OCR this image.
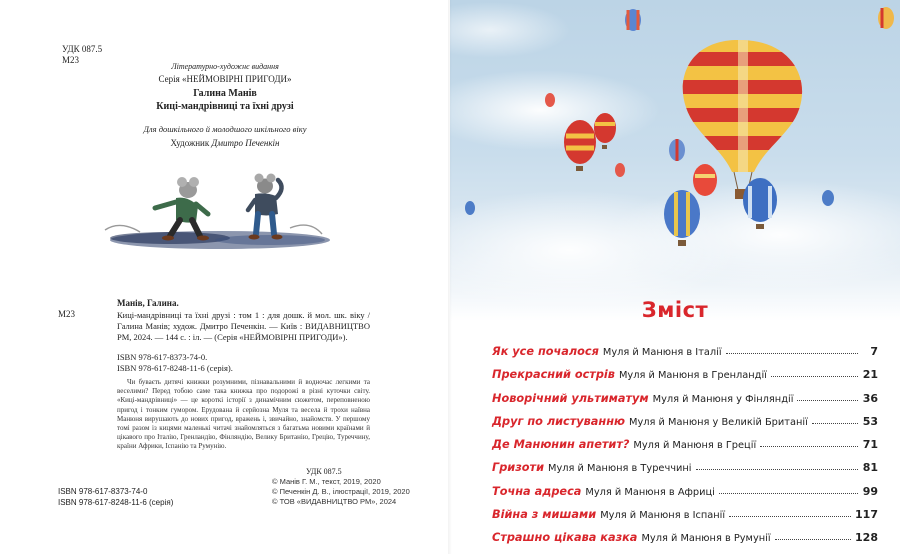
УДК 087.5

М23

Літературно-художнє видання
Серія «НЕЙМОВІРНІ ПРИГОДИ»
Галина Манів
Киці-мандрівниці та їхні друзі
Для дошкільного й молодшого шкільного віку
Художник Дмитро Печенкін

Манів, Галина.

М23	Киці-мандрівниці та їхні друзі : том 1 : для дошк. й мол. шк. віку / Галина Манів; худож. Дмитро Печенкін. — Київ : ВИДАВНИЦТВО РМ, 2024. — 144 с. : іл. — (Серія «НЕЙМОВІРНІ ПРИГОДИ»).

ISBN 978-617-8373-74-0.

ISBN 978-617-8248-11-6 (серія).

Чи буваєть дитячі книжки розумними, пізнавальними й водночас легкими та веселими? Перед тобою саме така книжка про подорожі в різні куточки світу. «Киці-мандрівниці» — це короткі історії з динамічним сюжетом, переповненою пригод і тонким гумором. Ерудована й серйозна Муля та весела й трохи наївна Манюня вирушають до нових пригод, вражень і, звичайно, знайомств. У першому томі разом із кицями маленькі читачі знайомляться з багатьма новими країнами й цікавого про Італію, Гренландію, Фінляндію, Велику Британію, Грецію, Туреччину, країни Африки, Іспанію та Румунію.

УДК 087.5

ISBN 978-617-8373-74-0

ISBN 978-617-8248-11-6 (серія)

© Манів Г. М., текст, 2019, 2020
© Печенкін Д. В., ілюстрації, 2019, 2020
© ТОВ «ВИДАВНИЦТВО РМ», 2024
Зміст
Як усе почалося Муля й Манюня в Італії	7
Прекрасний острів Муля й Манюня в Гренландії	21
Новорічний ультиматум Муля й Манюня у Фінляндії	36
Друг по листуванню Муля й Манюня у Великій Британії	53
Де Манюнин апетит? Муля й Манюня в Греції	71
Гризоти Муля й Манюня в Туреччині	81
Точна адреса Муля й Манюня в Африці	99
Війна з мишами Муля й Манюня в Іспанії	117
Страшно цікава казка Муля й Манюня в Румунії	128
